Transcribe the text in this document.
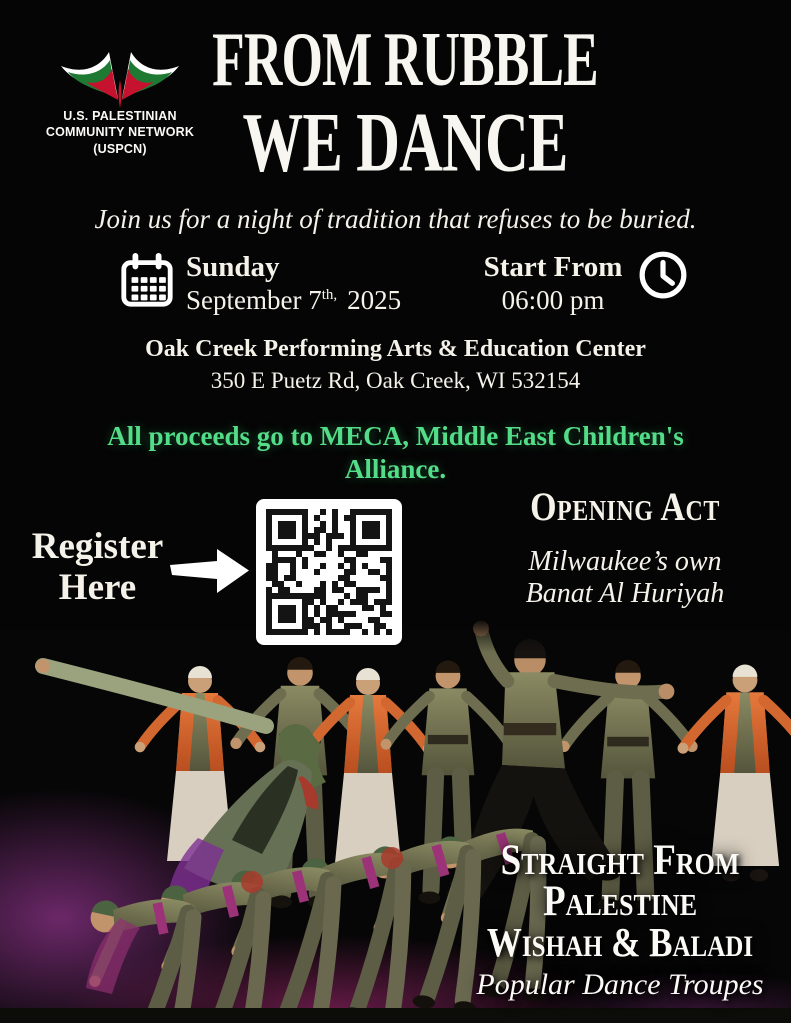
U.S. PALESTINIAN
COMMUNITY NETWORK
(USPCN)
FROM RUBBLE
WE DANCE
Join us for a night of tradition that refuses to be buried.
Sunday
September $7^{th,}$ 2025
Start From
06:00 pm
Oak Creek Performing Arts & Education Center
350 E Puetz Rd, Oak Creek, WI 532154
All proceeds go to MECA, Middle East Children's
Alliance.
Register
Here
Opening Act
Milwaukee’s own
Banat Al Huriyah
Straight From
Palestine
Wishah & Baladi
Popular Dance Troupes
